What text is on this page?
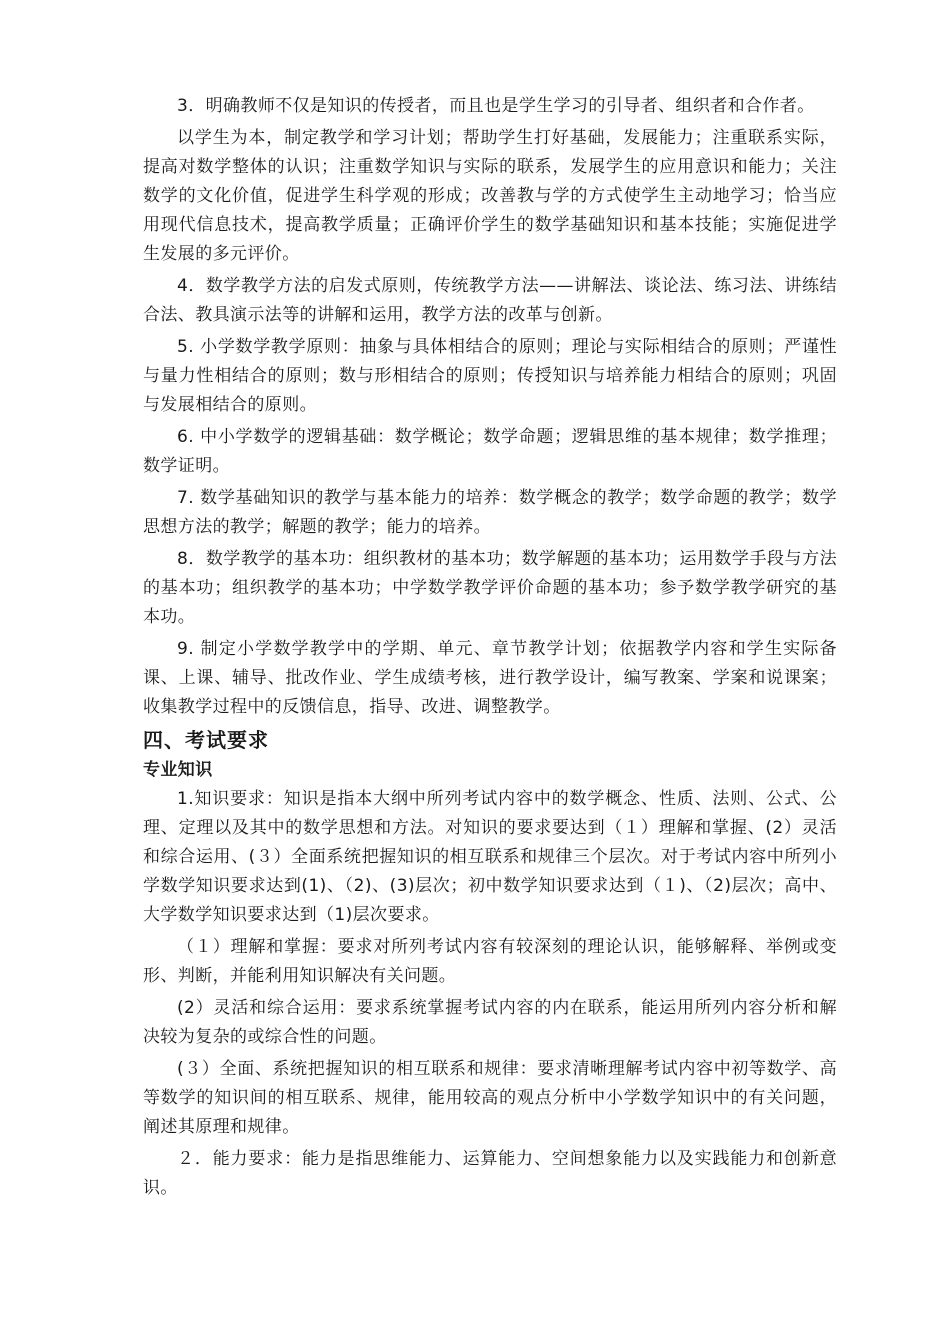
3．明确教师不仅是知识的传授者，而且也是学生学习的引导者、组织者和合作者。

以学生为本，制定教学和学习计划；帮助学生打好基础，发展能力；注重联系实际，提高对数学整体的认识；注重数学知识与实际的联系，发展学生的应用意识和能力；关注数学的文化价值，促进学生科学观的形成；改善教与学的方式使学生主动地学习；恰当应用现代信息技术，提高教学质量；正确评价学生的数学基础知识和基本技能；实施促进学生发展的多元评价。

4．数学教学方法的启发式原则，传统教学方法——讲解法、谈论法、练习法、讲练结合法、教具演示法等的讲解和运用，教学方法的改革与创新。

5. 小学数学教学原则：抽象与具体相结合的原则；理论与实际相结合的原则；严谨性与量力性相结合的原则；数与形相结合的原则；传授知识与培养能力相结合的原则；巩固与发展相结合的原则。

6. 中小学数学的逻辑基础：数学概论；数学命题；逻辑思维的基本规律；数学推理；数学证明。

7. 数学基础知识的教学与基本能力的培养：数学概念的教学；数学命题的教学；数学思想方法的教学；解题的教学；能力的培养。

8．数学教学的基本功：组织教材的基本功；数学解题的基本功；运用数学手段与方法的基本功；组织教学的基本功；中学数学教学评价命题的基本功；参予数学教学研究的基本功。

9. 制定小学数学教学中的学期、单元、章节教学计划；依据教学内容和学生实际备课、上课、辅导、批改作业、学生成绩考核，进行教学设计，编写教案、学案和说课案；收集教学过程中的反馈信息，指导、改进、调整教学。

四、考试要求
专业知识

1.知识要求：知识是指本大纲中所列考试内容中的数学概念、性质、法则、公式、公理、定理以及其中的数学思想和方法。对知识的要求要达到（１）理解和掌握、(2）灵活和综合运用、(３）全面系统把握知识的相互联系和规律三个层次。对于考试内容中所列小学数学知识要求达到(1)、（2)、(3)层次；初中数学知识要求达到（１)、（2)层次；高中、大学数学知识要求达到（1)层次要求。

（１）理解和掌握：要求对所列考试内容有较深刻的理论认识，能够解释、举例或变形、判断，并能利用知识解决有关问题。

(2）灵活和综合运用：要求系统掌握考试内容的内在联系，能运用所列内容分析和解决较为复杂的或综合性的问题。

(３）全面、系统把握知识的相互联系和规律：要求清晰理解考试内容中初等数学、高等数学的知识间的相互联系、规律，能用较高的观点分析中小学数学知识中的有关问题，阐述其原理和规律。

２．能力要求：能力是指思维能力、运算能力、空间想象能力以及实践能力和创新意识。
